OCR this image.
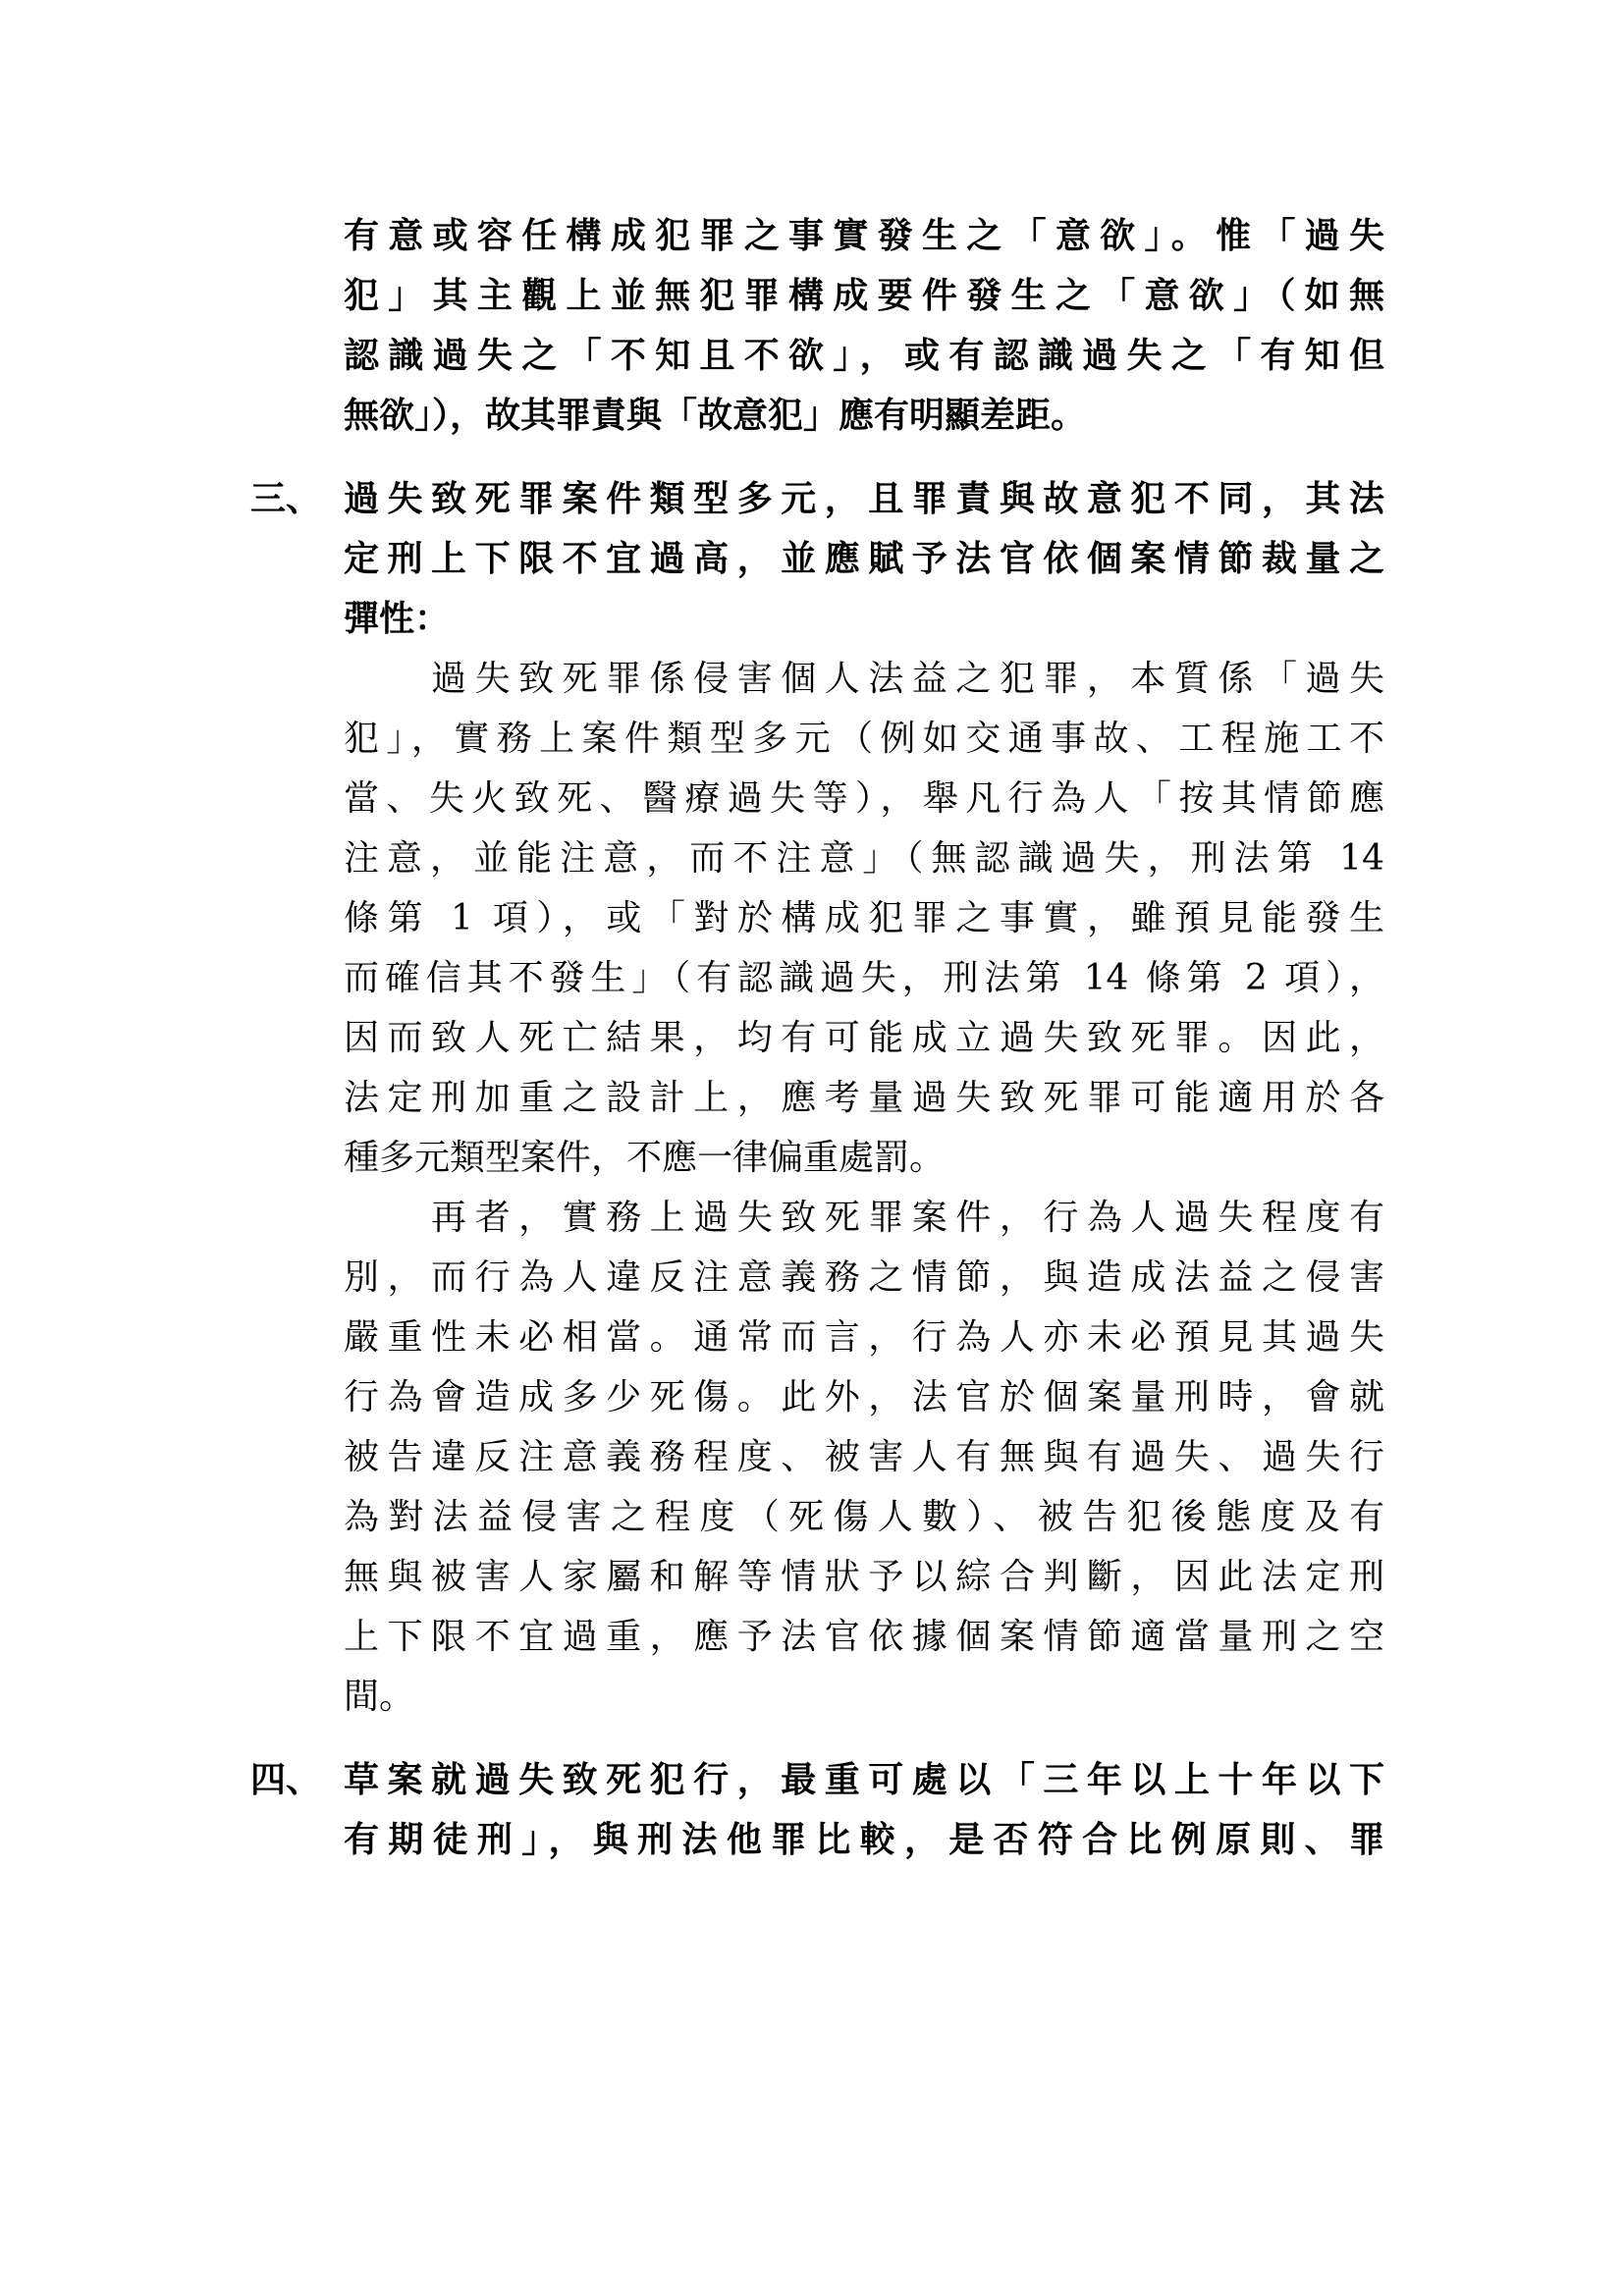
有意或容任構成犯罪之事實發生之「意欲」。惟「過失
犯」其主觀上並無犯罪構成要件發生之「意欲」（如無
認識過失之「不知且不欲」，或有認識過失之「有知但
無欲」），故其罪責與「故意犯」應有明顯差距。
三、 過失致死罪案件類型多元，且罪責與故意犯不同，其法
定刑上下限不宜過高，並應賦予法官依個案情節裁量之
彈性：
　　過失致死罪係侵害個人法益之犯罪，本質係「過失
犯」，實務上案件類型多元（例如交通事故、工程施工不
當、失火致死、醫療過失等），舉凡行為人「按其情節應
注意，並能注意，而不注意」（無認識過失，刑法第 14
條第 1 項），或「對於構成犯罪之事實，雖預見能發生
而確信其不發生」（有認識過失，刑法第 14 條第 2 項），
因而致人死亡結果，均有可能成立過失致死罪。因此，
法定刑加重之設計上，應考量過失致死罪可能適用於各
種多元類型案件，不應一律偏重處罰。
　　再者，實務上過失致死罪案件，行為人過失程度有
別，而行為人違反注意義務之情節，與造成法益之侵害
嚴重性未必相當。通常而言，行為人亦未必預見其過失
行為會造成多少死傷。此外，法官於個案量刑時，會就
被告違反注意義務程度、被害人有無與有過失、過失行
為對法益侵害之程度（死傷人數）、被告犯後態度及有
無與被害人家屬和解等情狀予以綜合判斷，因此法定刑
上下限不宜過重，應予法官依據個案情節適當量刑之空
間。
四、 草案就過失致死犯行，最重可處以「三年以上十年以下
有期徒刑」，與刑法他罪比較，是否符合比例原則、罪
